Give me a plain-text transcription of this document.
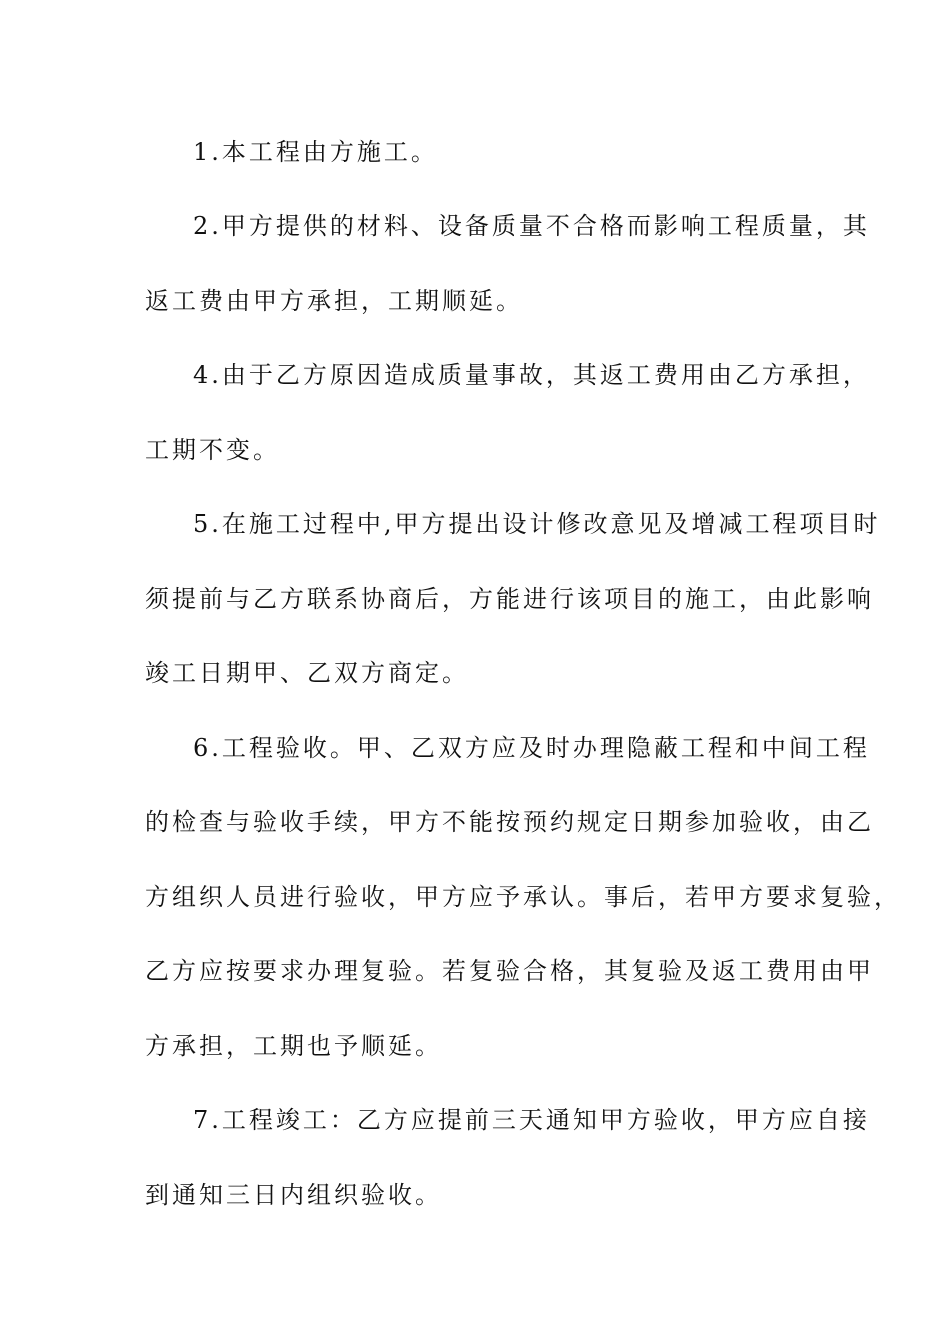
1.本工程由方施工。
2.甲方提供的材料、设备质量不合格而影响工程质量，其
返工费由甲方承担，工期顺延。
4.由于乙方原因造成质量事故，其返工费用由乙方承担，
工期不变。
5.在施工过程中,甲方提出设计修改意见及增减工程项目时
须提前与乙方联系协商后，方能进行该项目的施工，由此影响
竣工日期甲、乙双方商定。
6.工程验收。甲、乙双方应及时办理隐蔽工程和中间工程
的检查与验收手续，甲方不能按预约规定日期参加验收，由乙
方组织人员进行验收，甲方应予承认。事后，若甲方要求复验，
乙方应按要求办理复验。若复验合格，其复验及返工费用由甲
方承担，工期也予顺延。
7.工程竣工：乙方应提前三天通知甲方验收，甲方应自接
到通知三日内组织验收。
